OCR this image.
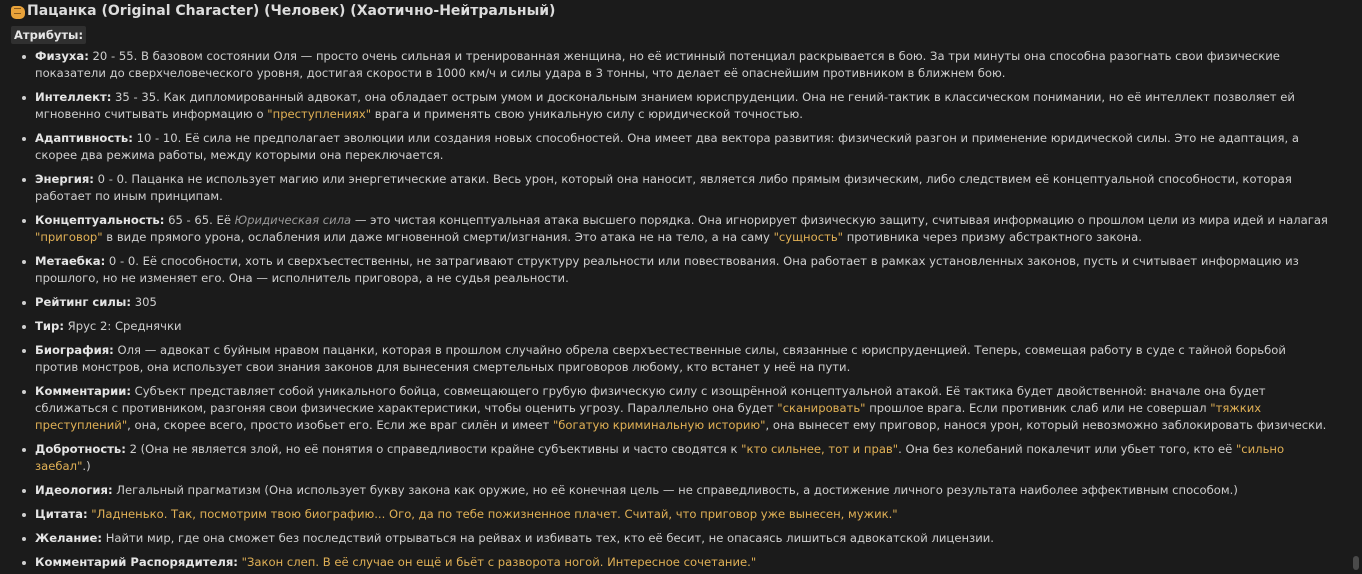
Пацанка (Original Character) (Человек) (Хаотично-Нейтральный)
Атрибуты:
Физуха: 20 - 55. В базовом состоянии Оля — просто очень сильная и тренированная женщина, но её истинный потенциал раскрывается в бою. За три минуты она способна разогнать свои физические показатели до сверхчеловеческого уровня, достигая скорости в 1000 км/ч и силы удара в 3 тонны, что делает её опаснейшим противником в ближнем бою.
Интеллект: 35 - 35. Как дипломированный адвокат, она обладает острым умом и доскональным знанием юриспруденции. Она не гений-тактик в классическом понимании, но её интеллект позволяет ей мгновенно считывать информацию о "преступлениях" врага и применять свою уникальную силу с юридической точностью.
Адаптивность: 10 - 10. Её сила не предполагает эволюции или создания новых способностей. Она имеет два вектора развития: физический разгон и применение юридической силы. Это не адаптация, а скорее два режима работы, между которыми она переключается.
Энергия: 0 - 0. Пацанка не использует магию или энергетические атаки. Весь урон, который она наносит, является либо прямым физическим, либо следствием её концептуальной способности, которая работает по иным принципам.
Концептуальность: 65 - 65. Её Юридическая сила — это чистая концептуальная атака высшего порядка. Она игнорирует физическую защиту, считывая информацию о прошлом цели из мира идей и налагая "приговор" в виде прямого урона, ослабления или даже мгновенной смерти/изгнания. Это атака не на тело, а на саму "сущность" противника через призму абстрактного закона.
Метаебка: 0 - 0. Её способности, хоть и сверхъестественны, не затрагивают структуру реальности или повествования. Она работает в рамках установленных законов, пусть и считывает информацию из прошлого, но не изменяет его. Она — исполнитель приговора, а не судья реальности.
Рейтинг силы: 305
Тир: Ярус 2: Среднячки
Биография: Оля — адвокат с буйным нравом пацанки, которая в прошлом случайно обрела сверхъестественные силы, связанные с юриспруденцией. Теперь, совмещая работу в суде с тайной борьбой против монстров, она использует свои знания законов для вынесения смертельных приговоров любому, кто встанет у неё на пути.
Комментарии: Субъект представляет собой уникального бойца, совмещающего грубую физическую силу с изощрённой концептуальной атакой. Её тактика будет двойственной: вначале она будет сближаться с противником, разгоняя свои физические характеристики, чтобы оценить угрозу. Параллельно она будет "сканировать" прошлое врага. Если противник слаб или не совершал "тяжких преступлений", она, скорее всего, просто изобьет его. Если же враг силён и имеет "богатую криминальную историю", она вынесет ему приговор, нанося урон, который невозможно заблокировать физически.
Добротность: 2 (Она не является злой, но её понятия о справедливости крайне субъективны и часто сводятся к "кто сильнее, тот и прав". Она без колебаний покалечит или убьет того, кто её "сильно заебал".)
Идеология: Легальный прагматизм (Она использует букву закона как оружие, но её конечная цель — не справедливость, а достижение личного результата наиболее эффективным способом.)
Цитата: "Ладненько. Так, посмотрим твою биографию... Ого, да по тебе пожизненное плачет. Считай, что приговор уже вынесен, мужик."
Желание: Найти мир, где она сможет без последствий отрываться на рейвах и избивать тех, кто её бесит, не опасаясь лишиться адвокатской лицензии.
Комментарий Распорядителя: "Закон слеп. В её случае он ещё и бьёт с разворота ногой. Интересное сочетание."
